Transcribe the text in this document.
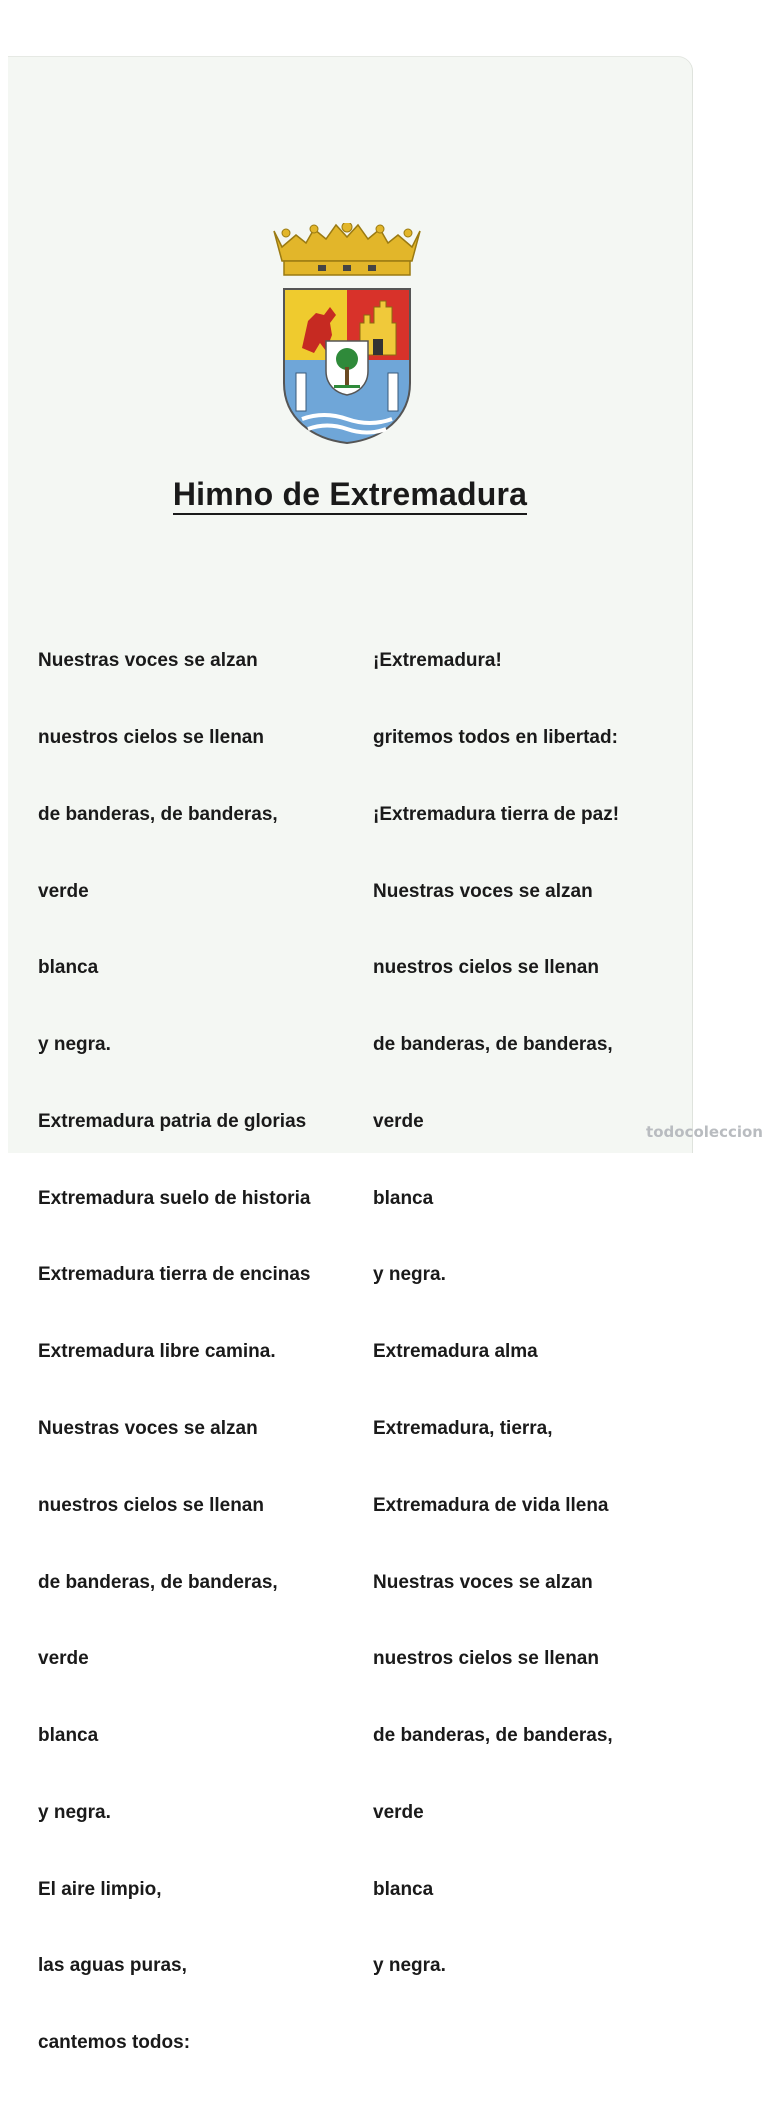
Himno de Extremadura

Nuestras voces se alzan

nuestros cielos se llenan

de banderas, de banderas,

verde

blanca

y negra.

Extremadura patria de glorias

Extremadura suelo de historia

Extremadura tierra de encinas

Extremadura libre camina.

Nuestras voces se alzan

nuestros cielos se llenan

de banderas, de banderas,

verde

blanca

y negra.

El aire limpio,

las aguas puras,

cantemos todos:

¡Extremadura!

gritemos todos en libertad:

¡Extremadura tierra de paz!

Nuestras voces se alzan

nuestros cielos se llenan

de banderas, de banderas,

verde

blanca

y negra.

Extremadura alma

Extremadura, tierra,

Extremadura de vida llena

Nuestras voces se alzan

nuestros cielos se llenan

de banderas, de banderas,

verde

blanca

y negra.

todocoleccion
